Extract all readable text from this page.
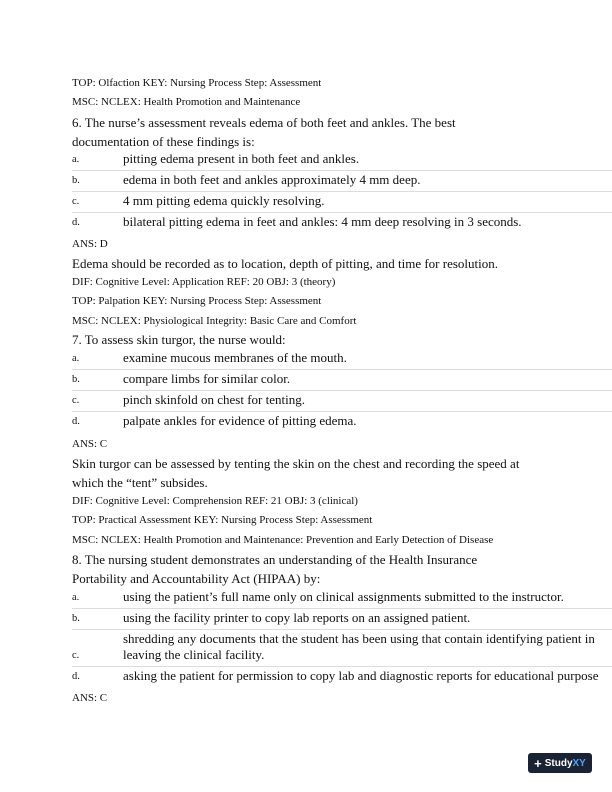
TOP: Olfaction KEY: Nursing Process Step: Assessment
MSC: NCLEX: Health Promotion and Maintenance
6. The nurse’s assessment reveals edema of both feet and ankles. The best
documentation of these findings is:
a.	pitting edema present in both feet and ankles.
b.	edema in both feet and ankles approximately 4 mm deep.
c.	4 mm pitting edema quickly resolving.
d.	bilateral pitting edema in feet and ankles: 4 mm deep resolving in 3 seconds.
ANS: D
Edema should be recorded as to location, depth of pitting, and time for resolution.
DIF: Cognitive Level: Application REF: 20 OBJ: 3 (theory)
TOP: Palpation KEY: Nursing Process Step: Assessment
MSC: NCLEX: Physiological Integrity: Basic Care and Comfort
7. To assess skin turgor, the nurse would:
a.	examine mucous membranes of the mouth.
b.	compare limbs for similar color.
c.	pinch skinfold on chest for tenting.
d.	palpate ankles for evidence of pitting edema.
ANS: C
Skin turgor can be assessed by tenting the skin on the chest and recording the speed at
which the “tent” subsides.
DIF: Cognitive Level: Comprehension REF: 21 OBJ: 3 (clinical)
TOP: Practical Assessment KEY: Nursing Process Step: Assessment
MSC: NCLEX: Health Promotion and Maintenance: Prevention and Early Detection of Disease
8. The nursing student demonstrates an understanding of the Health Insurance
Portability and Accountability Act (HIPAA) by:
a.	using the patient’s full name only on clinical assignments submitted to the instructor.
b.	using the facility printer to copy lab reports on an assigned patient.
c.
shredding any documents that the student has been using that contain identifying patient in
leaving the clinical facility.
d.	asking the patient for permission to copy lab and diagnostic reports for educational purpose
ANS: C
+ Study XY
